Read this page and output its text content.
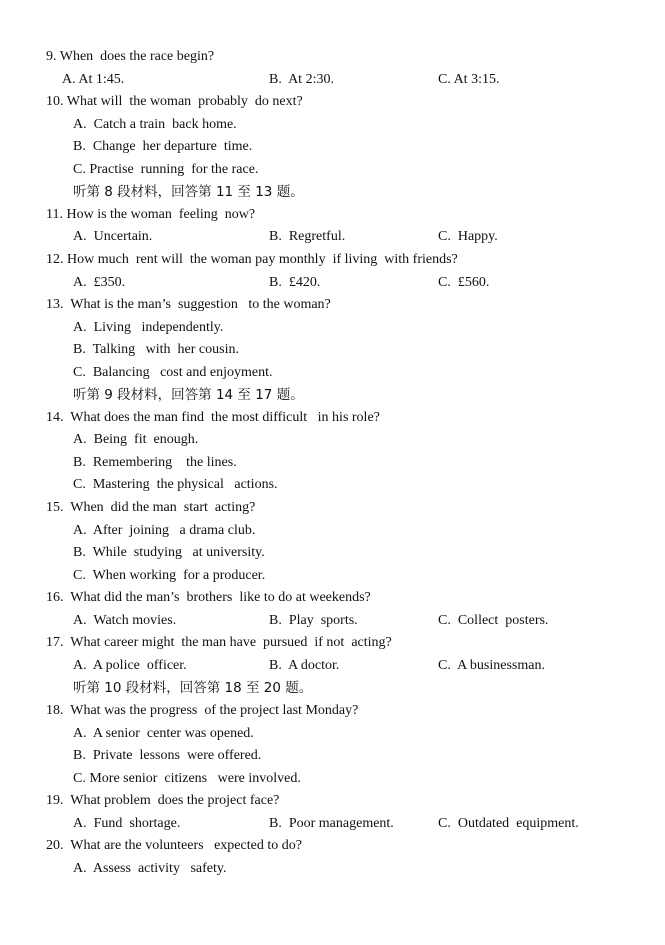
9. When  does the race begin?
A. At 1:45.	B.  At 2:30.	C. At 3:15.
10. What will  the woman  probably  do next?
A.  Catch a train  back home.
B.  Change  her departure  time.
C. Practise  running  for the race.
听第 8 段材料，回答第 11 至 13 题。
11. How is the woman  feeling  now?
A.  Uncertain.	B.  Regretful.	C.  Happy.
12. How much  rent will  the woman pay monthly  if living  with friends?
A.  £350.	B.  £420.	C.  £560.
13.  What is the man’s  suggestion   to the woman?
A.  Living   independently.
B.  Talking   with  her cousin.
C.  Balancing   cost and enjoyment.
听第 9 段材料，回答第 14 至 17 题。
14.  What does the man find  the most difficult   in his role?
A.  Being  fit  enough.
B.  Remembering    the lines.
C.  Mastering  the physical   actions.
15.  When  did the man  start  acting?
A.  After  joining   a drama club.
B.  While  studying   at university.
C.  When working  for a producer.
16.  What did the man’s  brothers  like to do at weekends?
A.  Watch movies.	B.  Play  sports.	C.  Collect  posters.
17.  What career might  the man have  pursued  if not  acting?
A.  A police  officer.	B.  A doctor.	C.  A businessman.
听第 10 段材料，回答第 18 至 20 题。
18.  What was the progress  of the project last Monday?
A.  A senior  center was opened.
B.  Private  lessons  were offered.
C. More senior  citizens   were involved.
19.  What problem  does the project face?
A.  Fund  shortage.	B.  Poor management.	C.  Outdated  equipment.
20.  What are the volunteers   expected to do?
A.  Assess  activity   safety.
